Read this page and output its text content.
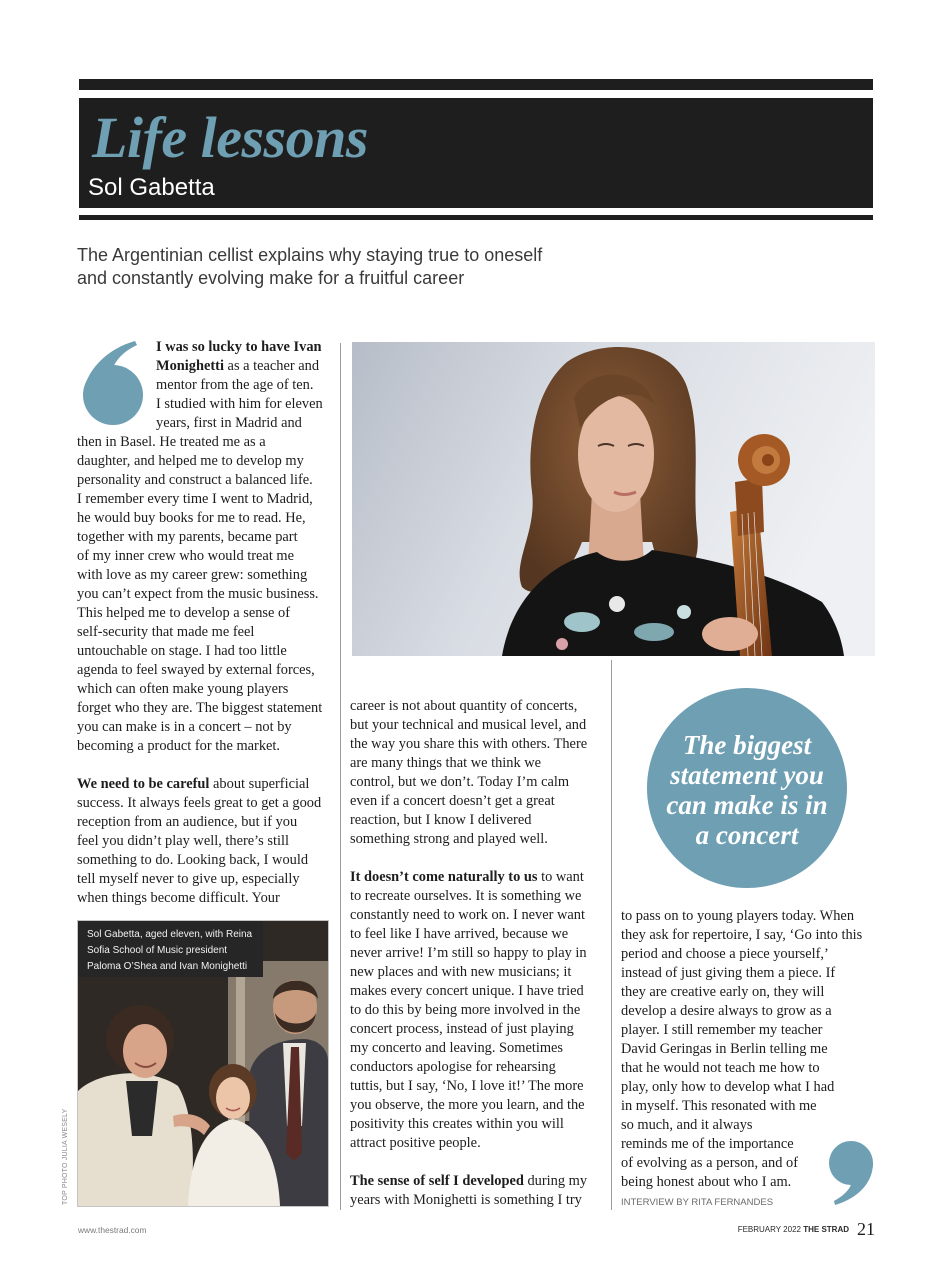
Life lessons
Sol Gabetta
The Argentinian cellist explains why staying true to oneself
and constantly evolving make for a fruitful career
I was so lucky to have Ivan
Monighetti as a teacher and
mentor from the age of ten.
I studied with him for eleven
years, first in Madrid and
then in Basel. He treated me as a
daughter, and helped me to develop my
personality and construct a balanced life.
I remember every time I went to Madrid,
he would buy books for me to read. He,
together with my parents, became part
of my inner crew who would treat me
with love as my career grew: something
you can’t expect from the music business.
This helped me to develop a sense of
self-security that made me feel
untouchable on stage. I had too little
agenda to feel swayed by external forces,
which can often make young players
forget who they are. The biggest statement
you can make is in a concert – not by
becoming a product for the market.
We need to be careful about superficial
success. It always feels great to get a good
reception from an audience, but if you
feel you didn’t play well, there’s still
something to do. Looking back, I would
tell myself never to give up, especially
when things become difficult. Your
career is not about quantity of concerts,
but your technical and musical level, and
the way you share this with others. There
are many things that we think we
control, but we don’t. Today I’m calm
even if a concert doesn’t get a great
reaction, but I know I delivered
something strong and played well.
It doesn’t come naturally to us to want
to recreate ourselves. It is something we
constantly need to work on. I never want
to feel like I have arrived, because we
never arrive! I’m still so happy to play in
new places and with new musicians; it
makes every concert unique. I have tried
to do this by being more involved in the
concert process, instead of just playing
my concerto and leaving. Sometimes
conductors apologise for rehearsing
tuttis, but I say, ‘No, I love it!’ The more
you observe, the more you learn, and the
positivity this creates within you will
attract positive people.
The sense of self I developed during my
years with Monighetti is something I try
The biggest
statement you
can make is in
a concert
to pass on to young players today. When
they ask for repertoire, I say, ‘Go into this
period and choose a piece yourself,’
instead of just giving them a piece. If
they are creative early on, they will
develop a desire always to grow as a
player. I still remember my teacher
David Geringas in Berlin telling me
that he would not teach me how to
play, only how to develop what I had
in myself. This resonated with me
so much, and it always
reminds me of the importance
of evolving as a person, and of
being honest about who I am.
INTERVIEW BY RITA FERNANDES
Sol Gabetta, aged eleven, with Reina
Sofia School of Music president
Paloma O’Shea and Ivan Monighetti
TOP PHOTO JULIA WESELY
www.thestrad.com	FEBRUARY 2022 THE STRAD 21
